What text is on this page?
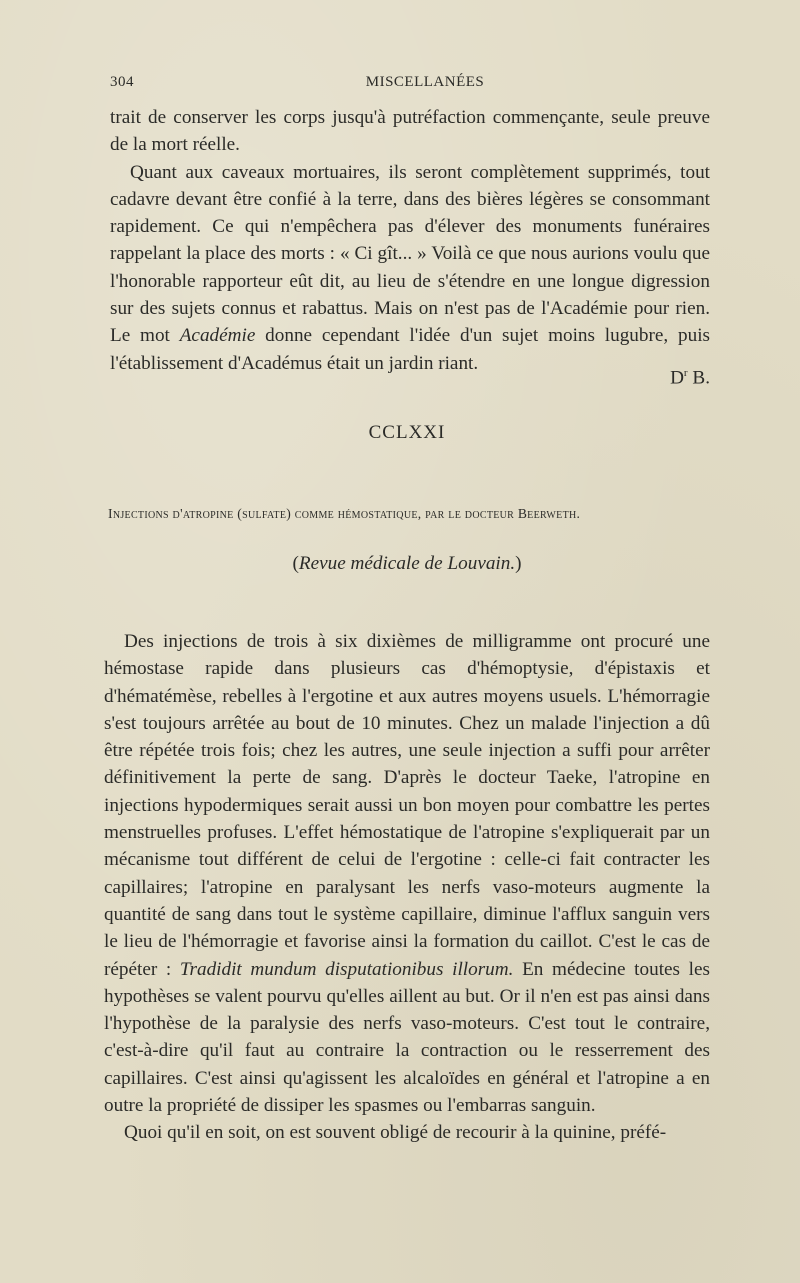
304	MISCELLANÉES

trait de conserver les corps jusqu'à putréfaction commençante, seule preuve de la mort réelle.

Quant aux caveaux mortuaires, ils seront complètement supprimés, tout cadavre devant être confié à la terre, dans des bières légères se consommant rapidement. Ce qui n'empêchera pas d'élever des monuments funéraires rappelant la place des morts : « Ci gît... » Voilà ce que nous aurions voulu que l'honorable rapporteur eût dit, au lieu de s'étendre en une longue digression sur des sujets connus et rabattus. Mais on n'est pas de l'Académie pour rien. Le mot Académie donne cependant l'idée d'un sujet moins lugubre, puis l'établissement d'Académus était un jardin riant.

$D^r$ B.
CCLXXI
Injections d'atropine (sulfate) comme hémostatique, par le docteur Beerweth.
(Revue médicale de Louvain.)

Des injections de trois à six dixièmes de milligramme ont procuré une hémostase rapide dans plusieurs cas d'hémoptysie, d'épistaxis et d'hématémèse, rebelles à l'ergotine et aux autres moyens usuels. L'hémorragie s'est toujours arrêtée au bout de 10 minutes. Chez un malade l'injection a dû être répétée trois fois; chez les autres, une seule injection a suffi pour arrêter définitivement la perte de sang. D'après le docteur Taeke, l'atropine en injections hypodermiques serait aussi un bon moyen pour combattre les pertes menstruelles profuses. L'effet hémostatique de l'atropine s'expliquerait par un mécanisme tout différent de celui de l'ergotine : celle-ci fait contracter les capillaires; l'atropine en paralysant les nerfs vaso-moteurs augmente la quantité de sang dans tout le système capillaire, diminue l'afflux sanguin vers le lieu de l'hémorragie et favorise ainsi la formation du caillot. C'est le cas de répéter : Tradidit mundum disputationibus illorum. En médecine toutes les hypothèses se valent pourvu qu'elles aillent au but. Or il n'en est pas ainsi dans l'hypothèse de la paralysie des nerfs vaso-moteurs. C'est tout le contraire, c'est-à-dire qu'il faut au contraire la contraction ou le resserrement des capillaires. C'est ainsi qu'agissent les alcaloïdes en général et l'atropine a en outre la propriété de dissiper les spasmes ou l'embarras sanguin.

Quoi qu'il en soit, on est souvent obligé de recourir à la quinine, préfé-
